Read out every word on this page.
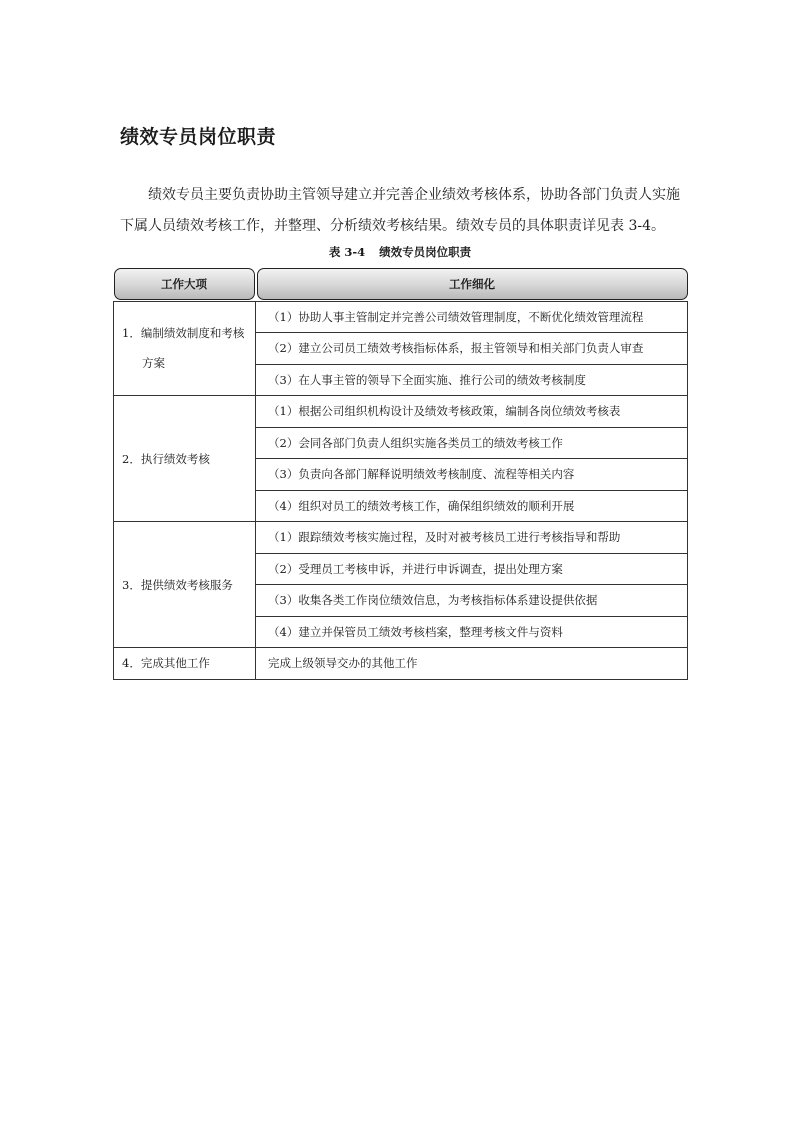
绩效专员岗位职责

绩效专员主要负责协助主管领导建立并完善企业绩效考核体系，协助各部门负责人实施
下属人员绩效考核工作，并整理、分析绩效考核结果。绩效专员的具体职责详见表 3-4。

表 3-4 绩效专员岗位职责
工作大项	工作细化

1．编制绩效制度和考核
方案	（1）协助人事主管制定并完善公司绩效管理制度，不断优化绩效管理流程
	（2）建立公司员工绩效考核指标体系，报主管领导和相关部门负责人审查
	（3）在人事主管的领导下全面实施、推行公司的绩效考核制度

2．执行绩效考核	（1）根据公司组织机构设计及绩效考核政策，编制各岗位绩效考核表
	（2）会同各部门负责人组织实施各类员工的绩效考核工作
	（3）负责向各部门解释说明绩效考核制度、流程等相关内容
	（4）组织对员工的绩效考核工作，确保组织绩效的顺利开展

3．提供绩效考核服务	（1）跟踪绩效考核实施过程，及时对被考核员工进行考核指导和帮助
	（2）受理员工考核申诉，并进行申诉调查，提出处理方案
	（3）收集各类工作岗位绩效信息，为考核指标体系建设提供依据
	（4）建立并保管员工绩效考核档案，整理考核文件与资料

4．完成其他工作	完成上级领导交办的其他工作
